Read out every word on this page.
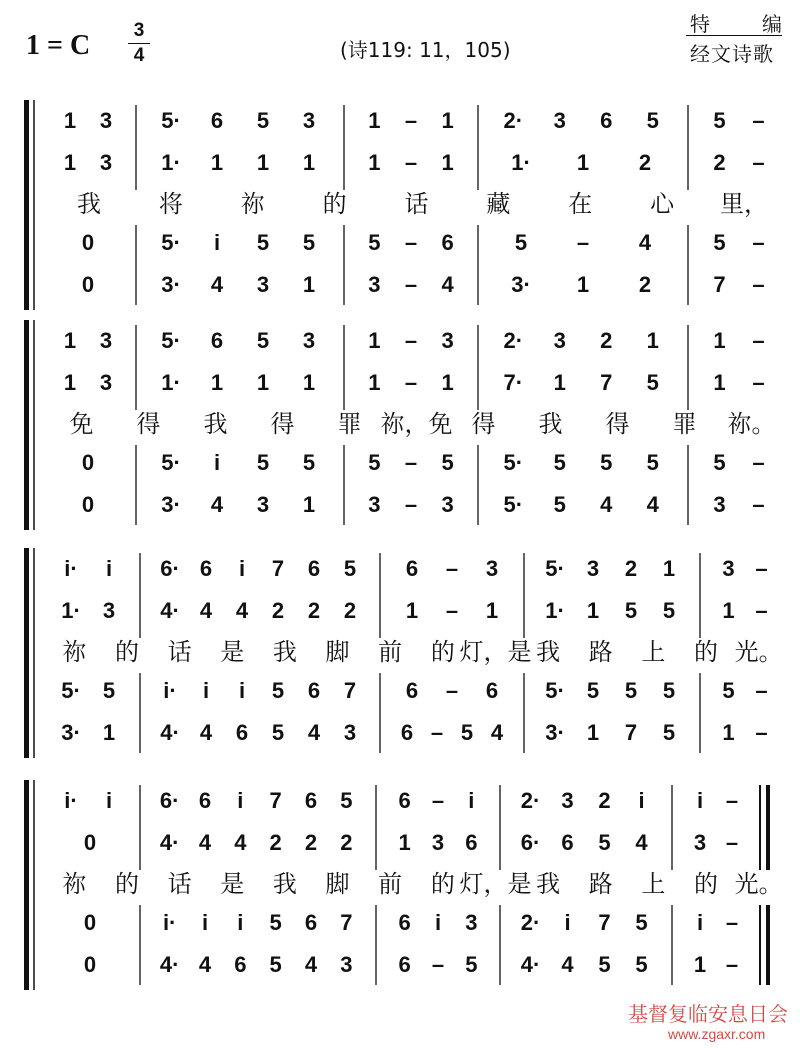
1 = C	3
4	(诗119: 11，105)
特	编
经文诗歌
1 3 5· 6 5 3 1 – 1 2· 3 6 5 5 –
1 3 1· 1 1 1 1 – 1	1· 1 2	2 –
0	5· i 5 5 5 – 6	5 – 4	5 –
0	3· 4 3 1 3 – 4	3· 1 2	7 –
我 将 祢 的 话 藏 在 心 里，
1 3 5· 6 5 3 1 – 3 2· 3 2 1 1 –
1 3 1· 1 1 1 1 – 1 7· 1 7 5 1 –
0	5· i 5 5 5 – 5 5· 5 5 5 5 –
0	3· 4 3 1 3 – 3 5· 5 4 4 3 –
免 得 我 得 罪 祢，免 得 我 得 罪 祢。
i· i 6· 6 i 7 6 5 6 – 3 5· 3 2 1 3 –
1· 3 4· 4 4 2 2 2 1 – 1 1· 1 5 5 1 –
5· 5 i· i i 5 6 7 6 – 6 5· 5 5 5 5 –
3· 1 4· 4 6 5 4 3 6 – 5 4 3· 1 7 5 1 –
祢 的 话 是 我 脚 前 的 灯，是 我 路 上 的 光。
i· i 6· 6 i 7 6 5 6 – i 2· 3 2 i i –
0	4· 4 4 2 2 2 1 3 6 6· 6 5 4 3 –
0	i· i i 5 6 7 6 i 3 2· i 7 5 i –
0	4· 4 6 5 4 3 6 – 5 4· 4 5 5 1 –
祢 的 话 是 我 脚 前 的 灯，是 我 路 上 的 光。
基督复临安息日会
www.zgaxr.com
